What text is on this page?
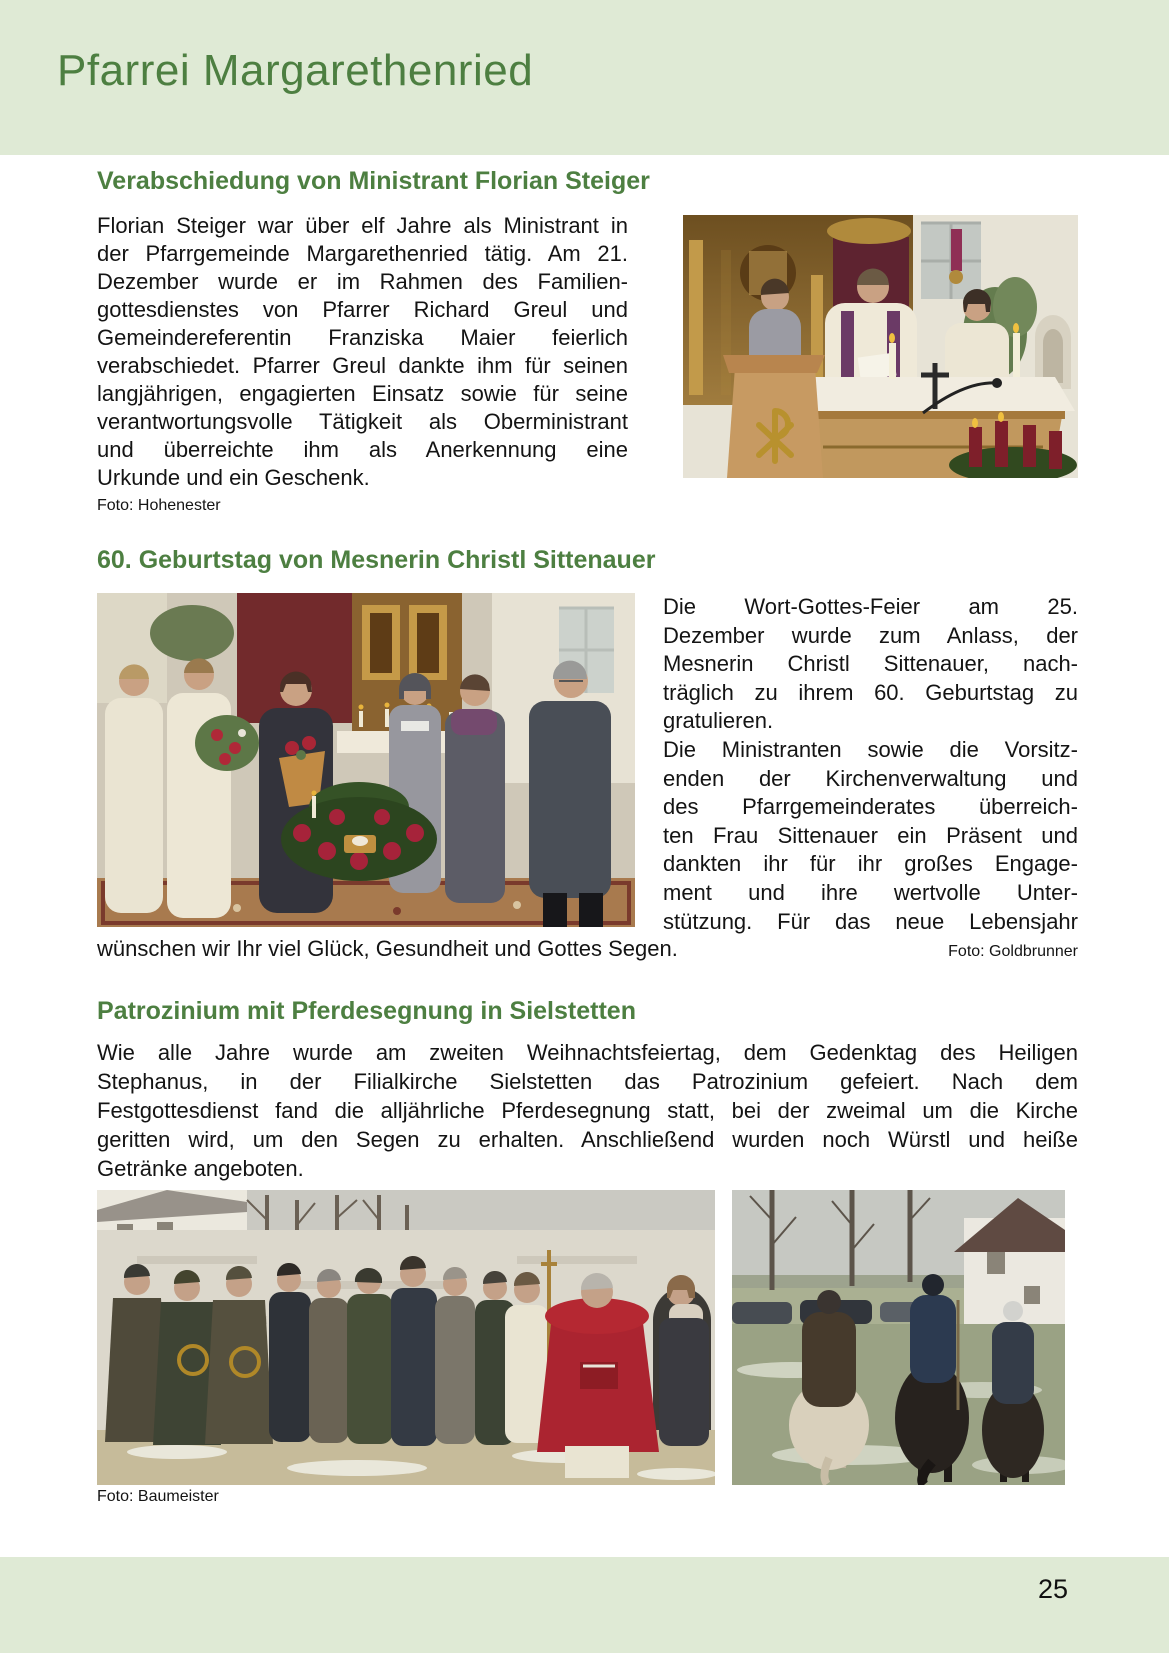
Pfarrei Margarethenried
Verabschiedung von Ministrant Florian Steiger
Florian Steiger war über elf Jahre als Ministrant in
der Pfarrgemeinde Margarethenried tätig. Am 21.
Dezember wurde er im Rahmen des Familien-
gottesdienstes von Pfarrer Richard Greul und
Gemeindereferentin Franziska Maier feierlich
verabschiedet. Pfarrer Greul dankte ihm für seinen
langjährigen, engagierten Einsatz sowie für seine
verantwortungsvolle Tätigkeit als Oberministrant
und überreichte ihm als Anerkennung eine
Urkunde und ein Geschenk.
Foto: Hohenester
60. Geburtstag von Mesnerin Christl Sittenauer
Die Wort-Gottes-Feier am 25.
Dezember wurde zum Anlass, der
Mesnerin Christl Sittenauer, nach-
träglich zu ihrem 60. Geburtstag zu
gratulieren.
Die Ministranten sowie die Vorsitz-
enden der Kirchenverwaltung und
des Pfarrgemeinderates überreich-
ten Frau Sittenauer ein Präsent und
dankten ihr für ihr großes Engage-
ment und ihre wertvolle Unter-
stützung. Für das neue Lebensjahr
wünschen wir Ihr viel Glück, Gesundheit und Gottes Segen.	Foto: Goldbrunner
Patrozinium mit Pferdesegnung in Sielstetten
Wie alle Jahre wurde am zweiten Weihnachtsfeiertag, dem Gedenktag des Heiligen
Stephanus, in der Filialkirche Sielstetten das Patrozinium gefeiert. Nach dem
Festgottesdienst fand die alljährliche Pferdesegnung statt, bei der zweimal um die Kirche
geritten wird, um den Segen zu erhalten. Anschließend wurden noch Würstl und heiße
Getränke angeboten.
Foto: Baumeister
25
